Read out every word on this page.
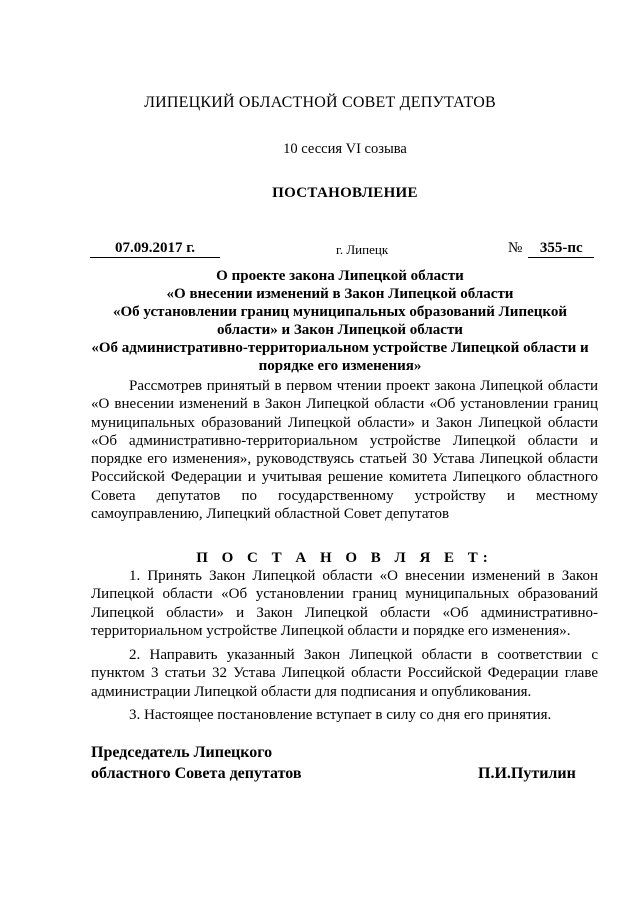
ЛИПЕЦКИЙ ОБЛАСТНОЙ СОВЕТ ДЕПУТАТОВ
10 сессия VI созыва
ПОСТАНОВЛЕНИЕ
07.09.2017 г.	г. Липецк	№ 355-пс
О проекте закона Липецкой области
«О внесении изменений в Закон Липецкой области
«Об установлении границ муниципальных образований Липецкой
области» и Закон Липецкой области
«Об административно-территориальном устройстве Липецкой области и
порядке его изменения»
Рассмотрев принятый в первом чтении проект закона Липецкой области «О внесении изменений в Закон Липецкой области «Об установлении границ муниципальных образований Липецкой области» и Закон Липецкой области «Об административно-территориальном устройстве Липецкой области и порядке его изменения», руководствуясь статьей 30 Устава Липецкой области Российской Федерации и учитывая решение комитета Липецкого областного Совета депутатов по государственному устройству и местному самоуправлению, Липецкий областной Совет депутатов
П О С Т А Н О В Л Я Е Т:
1. Принять Закон Липецкой области «О внесении изменений в Закон Липецкой области «Об установлении границ муниципальных образований Липецкой области» и Закон Липецкой области «Об административно-территориальном устройстве Липецкой области и порядке его изменения».
2. Направить указанный Закон Липецкой области в соответствии с пунктом 3 статьи 32 Устава Липецкой области Российской Федерации главе администрации Липецкой области для подписания и опубликования.
3. Настоящее постановление вступает в силу со дня его принятия.
Председатель Липецкого
областного Совета депутатов	П.И.Путилин
